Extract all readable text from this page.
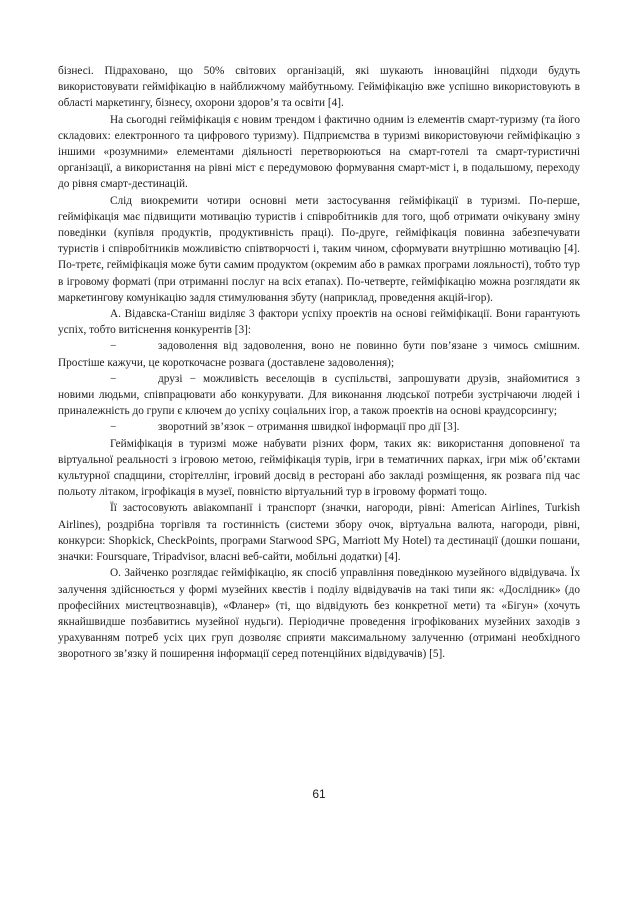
бізнесі. Підраховано, що 50% світових організацій, які шукають інноваційні підходи будуть використовувати гейміфікацію в найближчому майбутньому. Гейміфікацію вже успішно використовують в області маркетингу, бізнесу, охорони здоров’я та освіти [4].

На сьогодні гейміфікація є новим трендом і фактично одним із елементів смарт-туризму (та його складових: електронного та цифрового туризму). Підприємства в туризмі використовуючи гейміфікацію з іншими «розумними» елементами діяльності перетворюються на смарт-готелі та смарт-туристичні організації, а використання на рівні міст є передумовою формування смарт-міст і, в подальшому, переходу до рівня смарт-дестинацій.

Слід виокремити чотири основні мети застосування гейміфікації в туризмі. По-перше, гейміфікація має підвищити мотивацію туристів і співробітників для того, щоб отримати очікувану зміну поведінки (купівля продуктів, продуктивність праці). По-друге, гейміфікація повинна забезпечувати туристів і співробітників можливістю співтворчості і, таким чином, сформувати внутрішню мотивацію [4]. По-третє, гейміфікація може бути самим продуктом (окремим або в рамках програми лояльності), тобто тур в ігровому форматі (при отриманні послуг на всіх етапах). По-четверте, гейміфікацію можна розглядати як маркетингову комунікацію задля стимулювання збуту (наприклад, проведення акцій-ігор).

А. Відавска-Станіш виділяє 3 фактори успіху проектів на основі гейміфікації. Вони гарантують успіх, тобто витіснення конкурентів [3]:

−	задоволення від задоволення, воно не повинно бути пов’язане з чимось смішним. Простіше кажучи, це короткочасне розвага (доставлене задоволення);

−	друзі − можливість веселощів в суспільстві, запрошувати друзів, знайомитися з новими людьми, співпрацювати або конкурувати. Для виконання людської потреби зустрічаючи людей і приналежність до групи є ключем до успіху соціальних ігор, а також проектів на основі краудсорсингу;

−	зворотний зв’язок − отримання швидкої інформації про дії [3].

Гейміфікація в туризмі може набувати різних форм, таких як: використання доповненої та віртуальної реальності з ігровою метою, гейміфікація турів, ігри в тематичних парках, ігри між об’єктами культурної спадщини, сторітеллінг, ігровий досвід в ресторані або закладі розміщення, як розвага під час польоту літаком, ігрофікація в музеї, повністю віртуальний тур в ігровому форматі тощо.

Її застосовують авіакомпанії і транспорт (значки, нагороди, рівні: American Airlines, Turkish Airlines), роздрібна торгівля та гостинність (системи збору очок, віртуальна валюта, нагороди, рівні, конкурси: Shopkick, CheckPoints, програми Starwood SPG, Marriott My Hotel) та дестинації (дошки пошани, значки: Foursquare, Tripadvisor, власні веб-сайти, мобільні додатки) [4].

О. Зайченко розглядає гейміфікацію, як спосіб управління поведінкою музейного відвідувача. Їх залучення здійснюється у формі музейних квестів і поділу відвідувачів на такі типи як: «Дослідник» (до професійних мистецтвознавців), «Фланер» (ті, що відвідують без конкретної мети) та «Бігун» (хочуть якнайшвидше позбавитись музейної нудьги). Періодичне проведення ігрофікованих музейних заходів з урахуванням потреб усіх цих груп дозволяє сприяти максимальному залученню (отримані необхідного зворотного зв’язку й поширення інформації серед потенційних відвідувачів) [5].

61
